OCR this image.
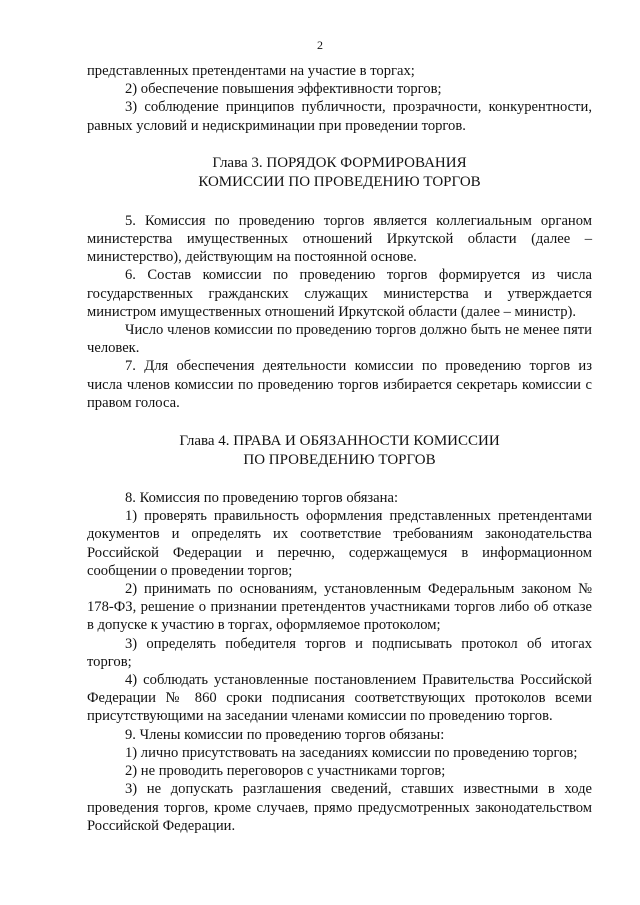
2

представленных претендентами на участие в торгах;

2) обеспечение повышения эффективности торгов;

3) соблюдение принципов публичности, прозрачности, конкурентности, равных условий и недискриминации при проведении торгов.

Глава 3. ПОРЯДОК ФОРМИРОВАНИЯ
КОМИССИИ ПО ПРОВЕДЕНИЮ ТОРГОВ

5. Комиссия по проведению торгов является коллегиальным органом министерства имущественных отношений Иркутской области (далее – министерство), действующим на постоянной основе.

6. Состав комиссии по проведению торгов формируется из числа государственных гражданских служащих министерства и утверждается министром имущественных отношений Иркутской области (далее – министр).

Число членов комиссии по проведению торгов должно быть не менее пяти человек.

7. Для обеспечения деятельности комиссии по проведению торгов из числа членов комиссии по проведению торгов избирается секретарь комиссии с правом голоса.

Глава 4. ПРАВА И ОБЯЗАННОСТИ КОМИССИИ
ПО ПРОВЕДЕНИЮ ТОРГОВ

8. Комиссия по проведению торгов обязана:

1) проверять правильность оформления представленных претендентами документов и определять их соответствие требованиям законодательства Российской Федерации и перечню, содержащемуся в информационном сообщении о проведении торгов;

2) принимать по основаниям, установленным Федеральным законом № 178-ФЗ, решение о признании претендентов участниками торгов либо об отказе в допуске к участию в торгах, оформляемое протоколом;

3) определять победителя торгов и подписывать протокол об итогах торгов;

4) соблюдать установленные постановлением Правительства Российской Федерации № 860 сроки подписания соответствующих протоколов всеми присутствующими на заседании членами комиссии по проведению торгов.

9. Члены комиссии по проведению торгов обязаны:

1) лично присутствовать на заседаниях комиссии по проведению торгов;

2) не проводить переговоров с участниками торгов;

3) не допускать разглашения сведений, ставших известными в ходе проведения торгов, кроме случаев, прямо предусмотренных законодательством Российской Федерации.
